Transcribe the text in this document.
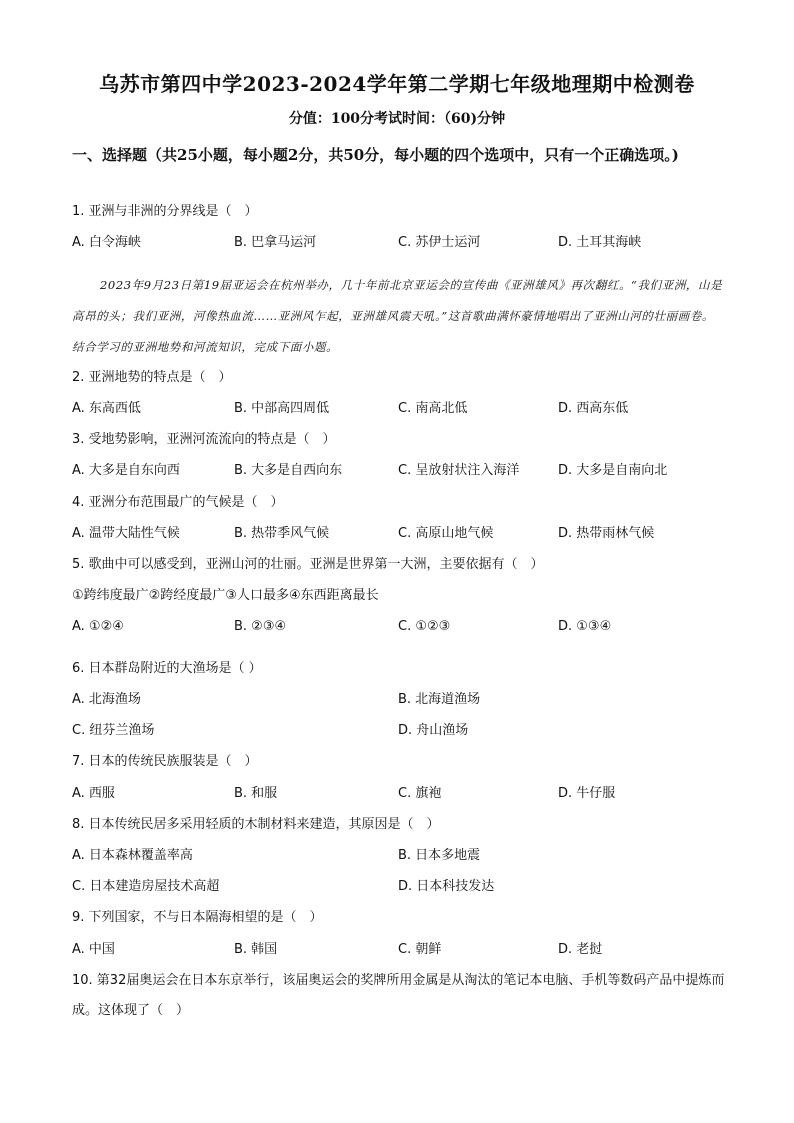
乌苏市第四中学2023-2024学年第二学期七年级地理期中检测卷
分值：100分考试时间：（60)分钟
一、选择题（共25小题，每小题2分，共50分，每小题的四个选项中，只有一个正确选项。)
1. 亚洲与非洲的分界线是（　）
A. 白令海峡	B. 巴拿马运河	C. 苏伊士运河	D. 土耳其海峡
2023年9月23日第19届亚运会在杭州举办，几十年前北京亚运会的宣传曲《亚洲雄风》再次翻红。“我们亚洲，山是高昂的头；我们亚洲，河像热血流……亚洲风乍起，亚洲雄风震天吼。”这首歌曲满怀豪情地唱出了亚洲山河的壮丽画卷。结合学习的亚洲地势和河流知识，完成下面小题。
2. 亚洲地势的特点是（　）
A. 东高西低	B. 中部高四周低	C. 南高北低	D. 西高东低
3. 受地势影响，亚洲河流流向的特点是（　）
A. 大多是自东向西	B. 大多是自西向东	C. 呈放射状注入海洋	D. 大多是自南向北
4. 亚洲分布范围最广的气候是（　）
A. 温带大陆性气候	B. 热带季风气候	C. 高原山地气候	D. 热带雨林气候
5. 歌曲中可以感受到，亚洲山河的壮丽。亚洲是世界第一大洲，主要依据有（　）
①跨纬度最广②跨经度最广③人口最多④东西距离最长
A. ①②④	B. ②③④	C. ①②③	D. ①③④
6. 日本群岛附近的大渔场是（ ）
A. 北海渔场	B. 北海道渔场
C. 纽芬兰渔场	D. 舟山渔场
7. 日本的传统民族服装是（　）
A. 西服	B. 和服	C. 旗袍	D. 牛仔服
8. 日本传统民居多采用轻质的木制材料来建造，其原因是（　）
A. 日本森林覆盖率高	B. 日本多地震
C. 日本建造房屋技术高超	D. 日本科技发达
9. 下列国家，不与日本隔海相望的是（　）
A. 中国	B. 韩国	C. 朝鲜	D. 老挝
10. 第32届奥运会在日本东京举行，该届奥运会的奖牌所用金属是从淘汰的笔记本电脑、手机等数码产品中提炼而成。这体现了（　）
